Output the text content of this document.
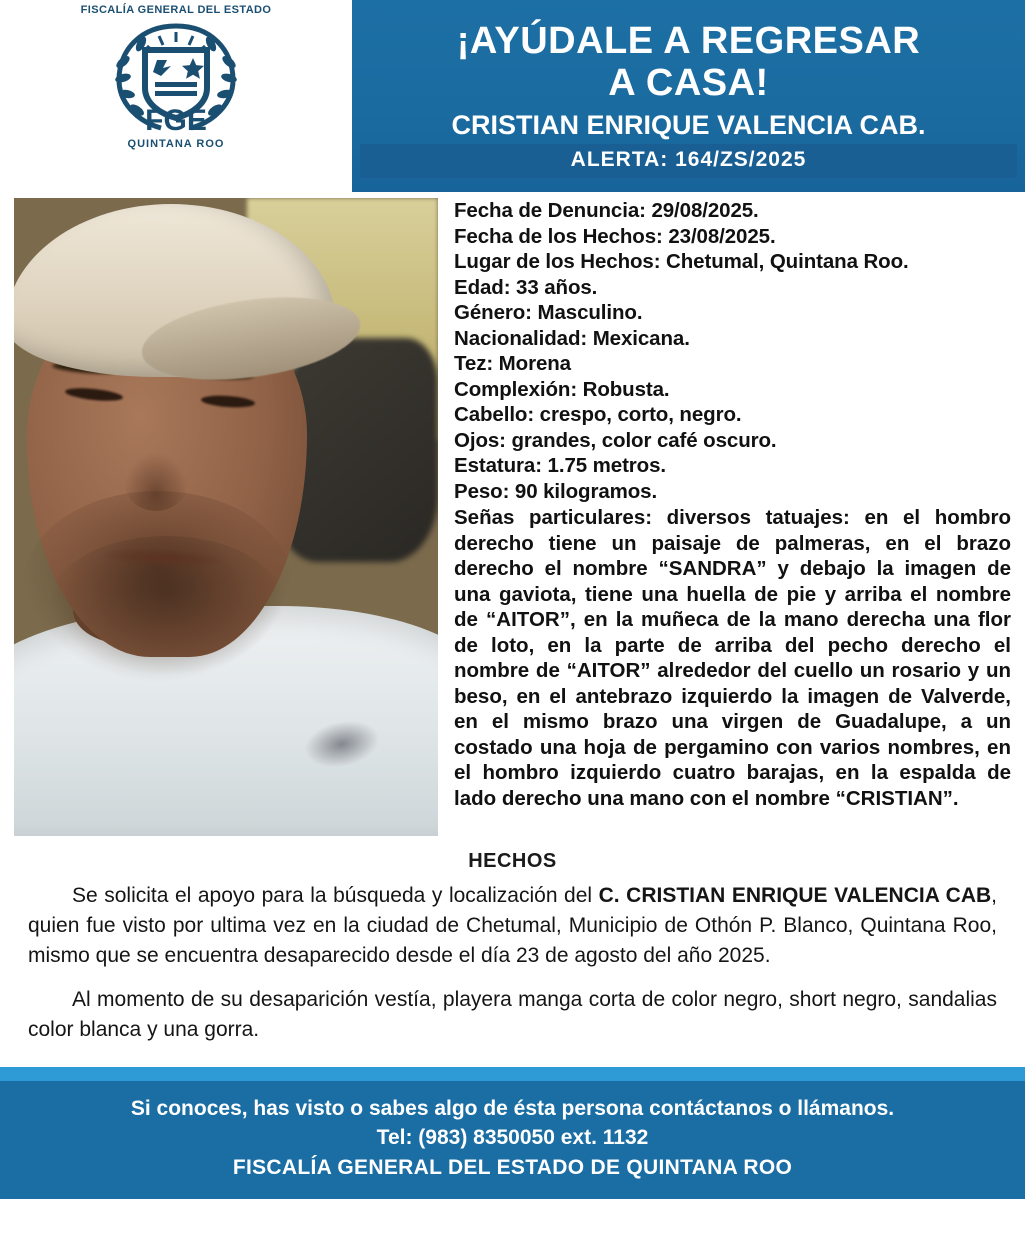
FISCALÍA GENERAL DEL ESTADO
FGE
QUINTANA ROO
¡AYÚDALE A REGRESAR
A CASA!
CRISTIAN ENRIQUE VALENCIA CAB.
ALERTA: 164/ZS/2025
Fecha de Denuncia: 29/08/2025.
Fecha de los Hechos: 23/08/2025.
Lugar de los Hechos: Chetumal, Quintana Roo.
Edad: 33 años.
Género: Masculino.
Nacionalidad: Mexicana.
Tez: Morena
Complexión: Robusta.
Cabello: crespo, corto, negro.
Ojos: grandes, color café oscuro.
Estatura: 1.75 metros.
Peso: 90 kilogramos.
Señas particulares: diversos tatuajes: en el hombro derecho tiene un paisaje de palmeras, en el brazo derecho el nombre “SANDRA” y debajo la imagen de una gaviota, tiene una huella de pie y arriba el nombre de “AITOR”, en la muñeca de la mano derecha una flor de loto, en la parte de arriba del pecho derecho el nombre de “AITOR” alrededor del cuello un rosario y un beso, en el antebrazo izquierdo la imagen de Valverde, en el mismo brazo una virgen de Guadalupe, a un costado una hoja de pergamino con varios nombres, en el hombro izquierdo cuatro barajas, en la espalda de lado derecho una mano con el nombre “CRISTIAN”.
HECHOS

Se solicita el apoyo para la búsqueda y localización del C. CRISTIAN ENRIQUE VALENCIA CAB, quien fue visto por ultima vez en la ciudad de Chetumal, Municipio de Othón P. Blanco, Quintana Roo, mismo que se encuentra desaparecido desde el día 23 de agosto del año 2025.

Al momento de su desaparición vestía, playera manga corta de color negro, short negro, sandalias color blanca y una gorra.

Si conoces, has visto o sabes algo de ésta persona contáctanos o llámanos.
Tel: (983) 8350050 ext. 1132
FISCALÍA GENERAL DEL ESTADO DE QUINTANA ROO
